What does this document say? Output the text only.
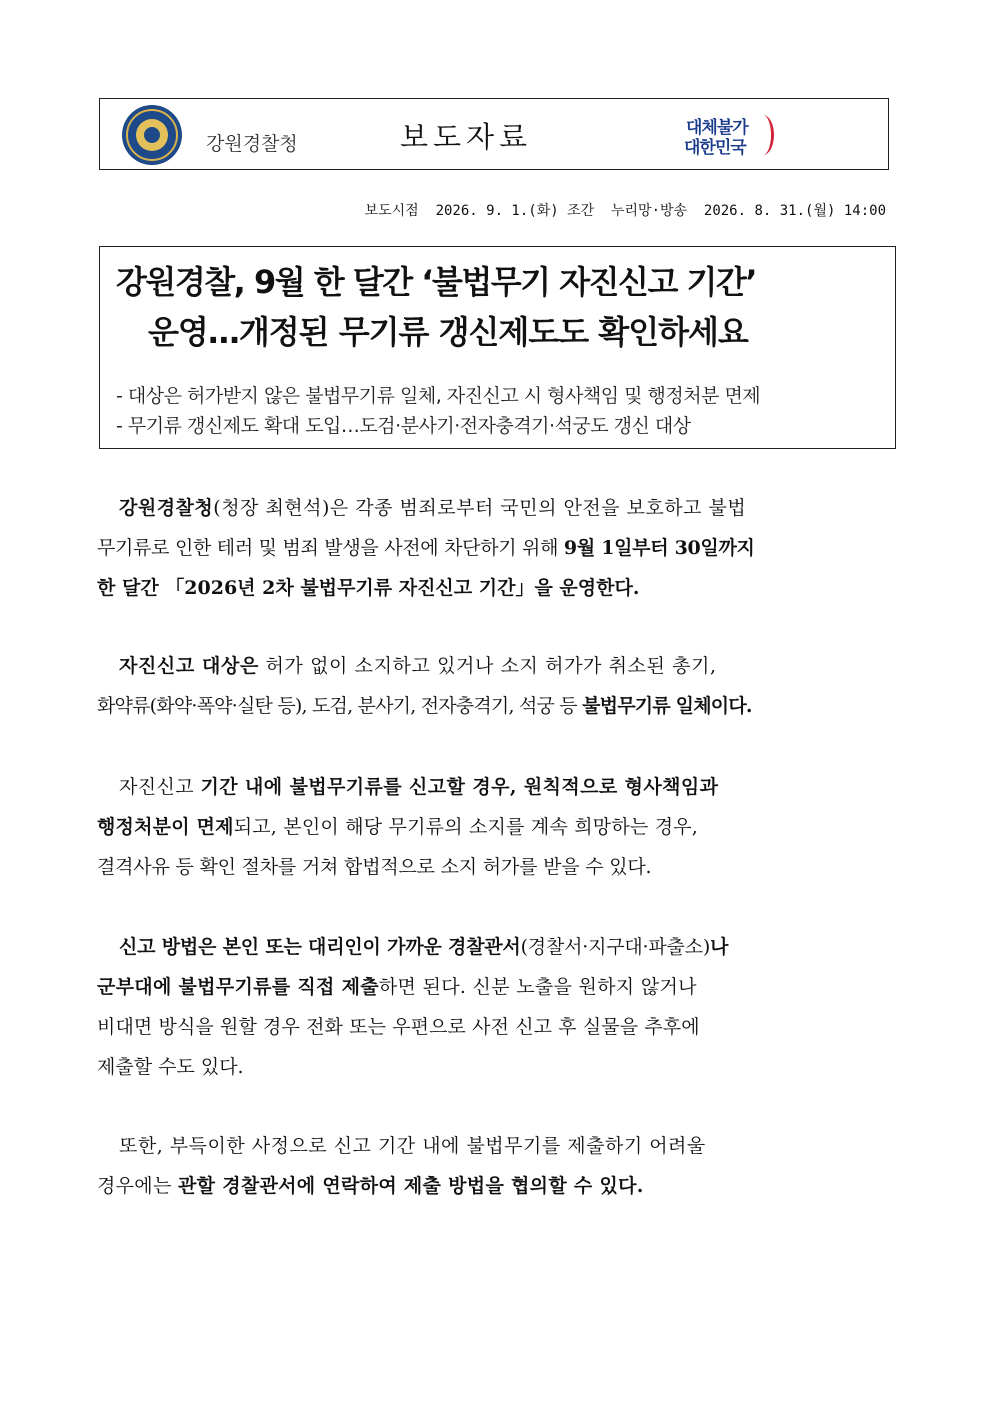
강원경찰청	보도자료	대체불가
대한민국
보도시점  2026. 9. 1.(화) 조간  누리망·방송  2026. 8. 31.(월) 14:00
강원경찰, 9월 한 달간 ‘불법무기 자진신고 기간’
운영…개정된 무기류 갱신제도도 확인하세요
- 대상은 허가받지 않은 불법무기류 일체, 자진신고 시 형사책임 및 행정처분 면제
- 무기류 갱신제도 확대 도입…도검·분사기·전자충격기·석궁도 갱신 대상

강원경찰청(청장 최현석)은 각종 범죄로부터 국민의 안전을 보호하고 불법

무기류로 인한 테러 및 범죄 발생을 사전에 차단하기 위해 9월 1일부터 30일까지

한 달간 「2026년 2차 불법무기류 자진신고 기간」을 운영한다.

자진신고 대상은 허가 없이 소지하고 있거나 소지 허가가 취소된 총기,

화약류(화약·폭약·실탄 등), 도검, 분사기, 전자충격기, 석궁 등 불법무기류 일체이다.

자진신고 기간 내에 불법무기류를 신고할 경우, 원칙적으로 형사책임과

행정처분이 면제되고, 본인이 해당 무기류의 소지를 계속 희망하는 경우,

결격사유 등 확인 절차를 거쳐 합법적으로 소지 허가를 받을 수 있다.

신고 방법은 본인 또는 대리인이 가까운 경찰관서(경찰서·지구대·파출소)나

군부대에 불법무기류를 직접 제출하면 된다. 신분 노출을 원하지 않거나

비대면 방식을 원할 경우 전화 또는 우편으로 사전 신고 후 실물을 추후에

제출할 수도 있다.

또한, 부득이한 사정으로 신고 기간 내에 불법무기를 제출하기 어려울

경우에는 관할 경찰관서에 연락하여 제출 방법을 협의할 수 있다.
